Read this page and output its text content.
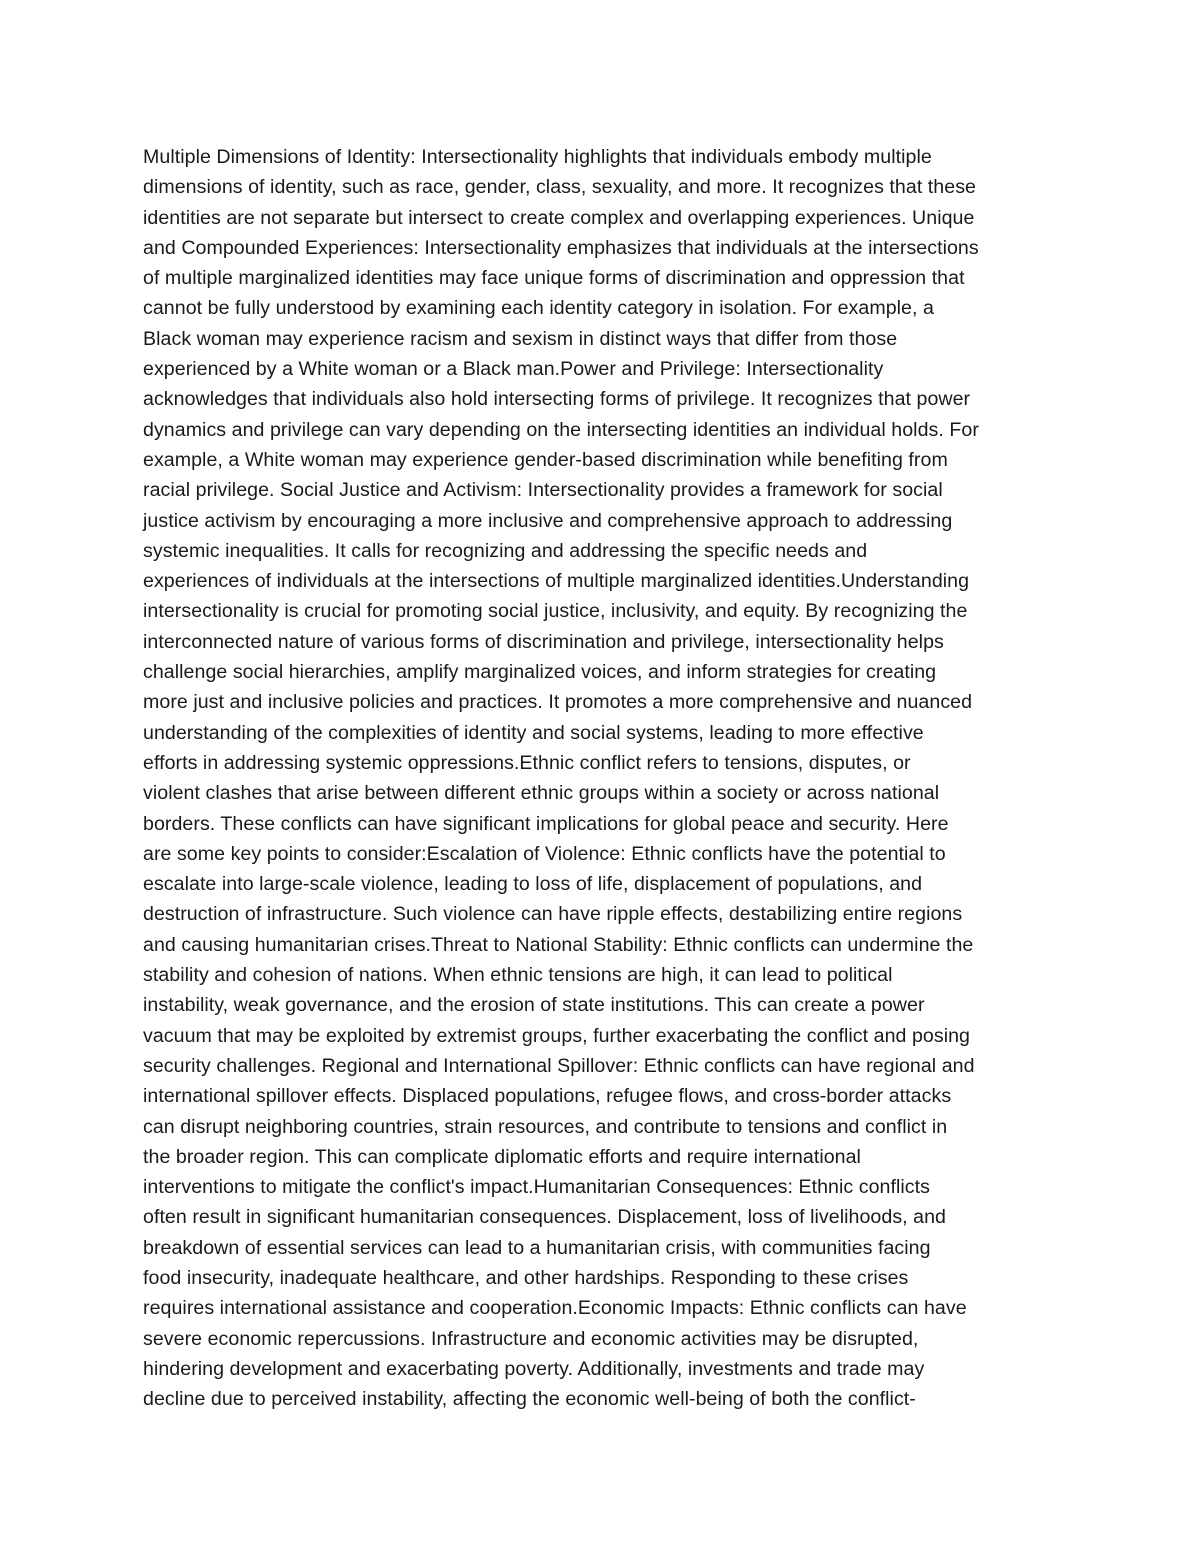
Multiple Dimensions of Identity: Intersectionality highlights that individuals embody multiple
dimensions of identity, such as race, gender, class, sexuality, and more. It recognizes that these
identities are not separate but intersect to create complex and overlapping experiences. Unique
and Compounded Experiences: Intersectionality emphasizes that individuals at the intersections
of multiple marginalized identities may face unique forms of discrimination and oppression that
cannot be fully understood by examining each identity category in isolation. For example, a
Black woman may experience racism and sexism in distinct ways that differ from those
experienced by a White woman or a Black man.Power and Privilege: Intersectionality
acknowledges that individuals also hold intersecting forms of privilege. It recognizes that power
dynamics and privilege can vary depending on the intersecting identities an individual holds. For
example, a White woman may experience gender-based discrimination while benefiting from
racial privilege. Social Justice and Activism: Intersectionality provides a framework for social
justice activism by encouraging a more inclusive and comprehensive approach to addressing
systemic inequalities. It calls for recognizing and addressing the specific needs and
experiences of individuals at the intersections of multiple marginalized identities.Understanding
intersectionality is crucial for promoting social justice, inclusivity, and equity. By recognizing the
interconnected nature of various forms of discrimination and privilege, intersectionality helps
challenge social hierarchies, amplify marginalized voices, and inform strategies for creating
more just and inclusive policies and practices. It promotes a more comprehensive and nuanced
understanding of the complexities of identity and social systems, leading to more effective
efforts in addressing systemic oppressions.Ethnic conflict refers to tensions, disputes, or
violent clashes that arise between different ethnic groups within a society or across national
borders. These conflicts can have significant implications for global peace and security. Here
are some key points to consider:Escalation of Violence: Ethnic conflicts have the potential to
escalate into large-scale violence, leading to loss of life, displacement of populations, and
destruction of infrastructure. Such violence can have ripple effects, destabilizing entire regions
and causing humanitarian crises.Threat to National Stability: Ethnic conflicts can undermine the
stability and cohesion of nations. When ethnic tensions are high, it can lead to political
instability, weak governance, and the erosion of state institutions. This can create a power
vacuum that may be exploited by extremist groups, further exacerbating the conflict and posing
security challenges. Regional and International Spillover: Ethnic conflicts can have regional and
international spillover effects. Displaced populations, refugee flows, and cross-border attacks
can disrupt neighboring countries, strain resources, and contribute to tensions and conflict in
the broader region. This can complicate diplomatic efforts and require international
interventions to mitigate the conflict's impact.Humanitarian Consequences: Ethnic conflicts
often result in significant humanitarian consequences. Displacement, loss of livelihoods, and
breakdown of essential services can lead to a humanitarian crisis, with communities facing
food insecurity, inadequate healthcare, and other hardships. Responding to these crises
requires international assistance and cooperation.Economic Impacts: Ethnic conflicts can have
severe economic repercussions. Infrastructure and economic activities may be disrupted,
hindering development and exacerbating poverty. Additionally, investments and trade may
decline due to perceived instability, affecting the economic well-being of both the conflict-
